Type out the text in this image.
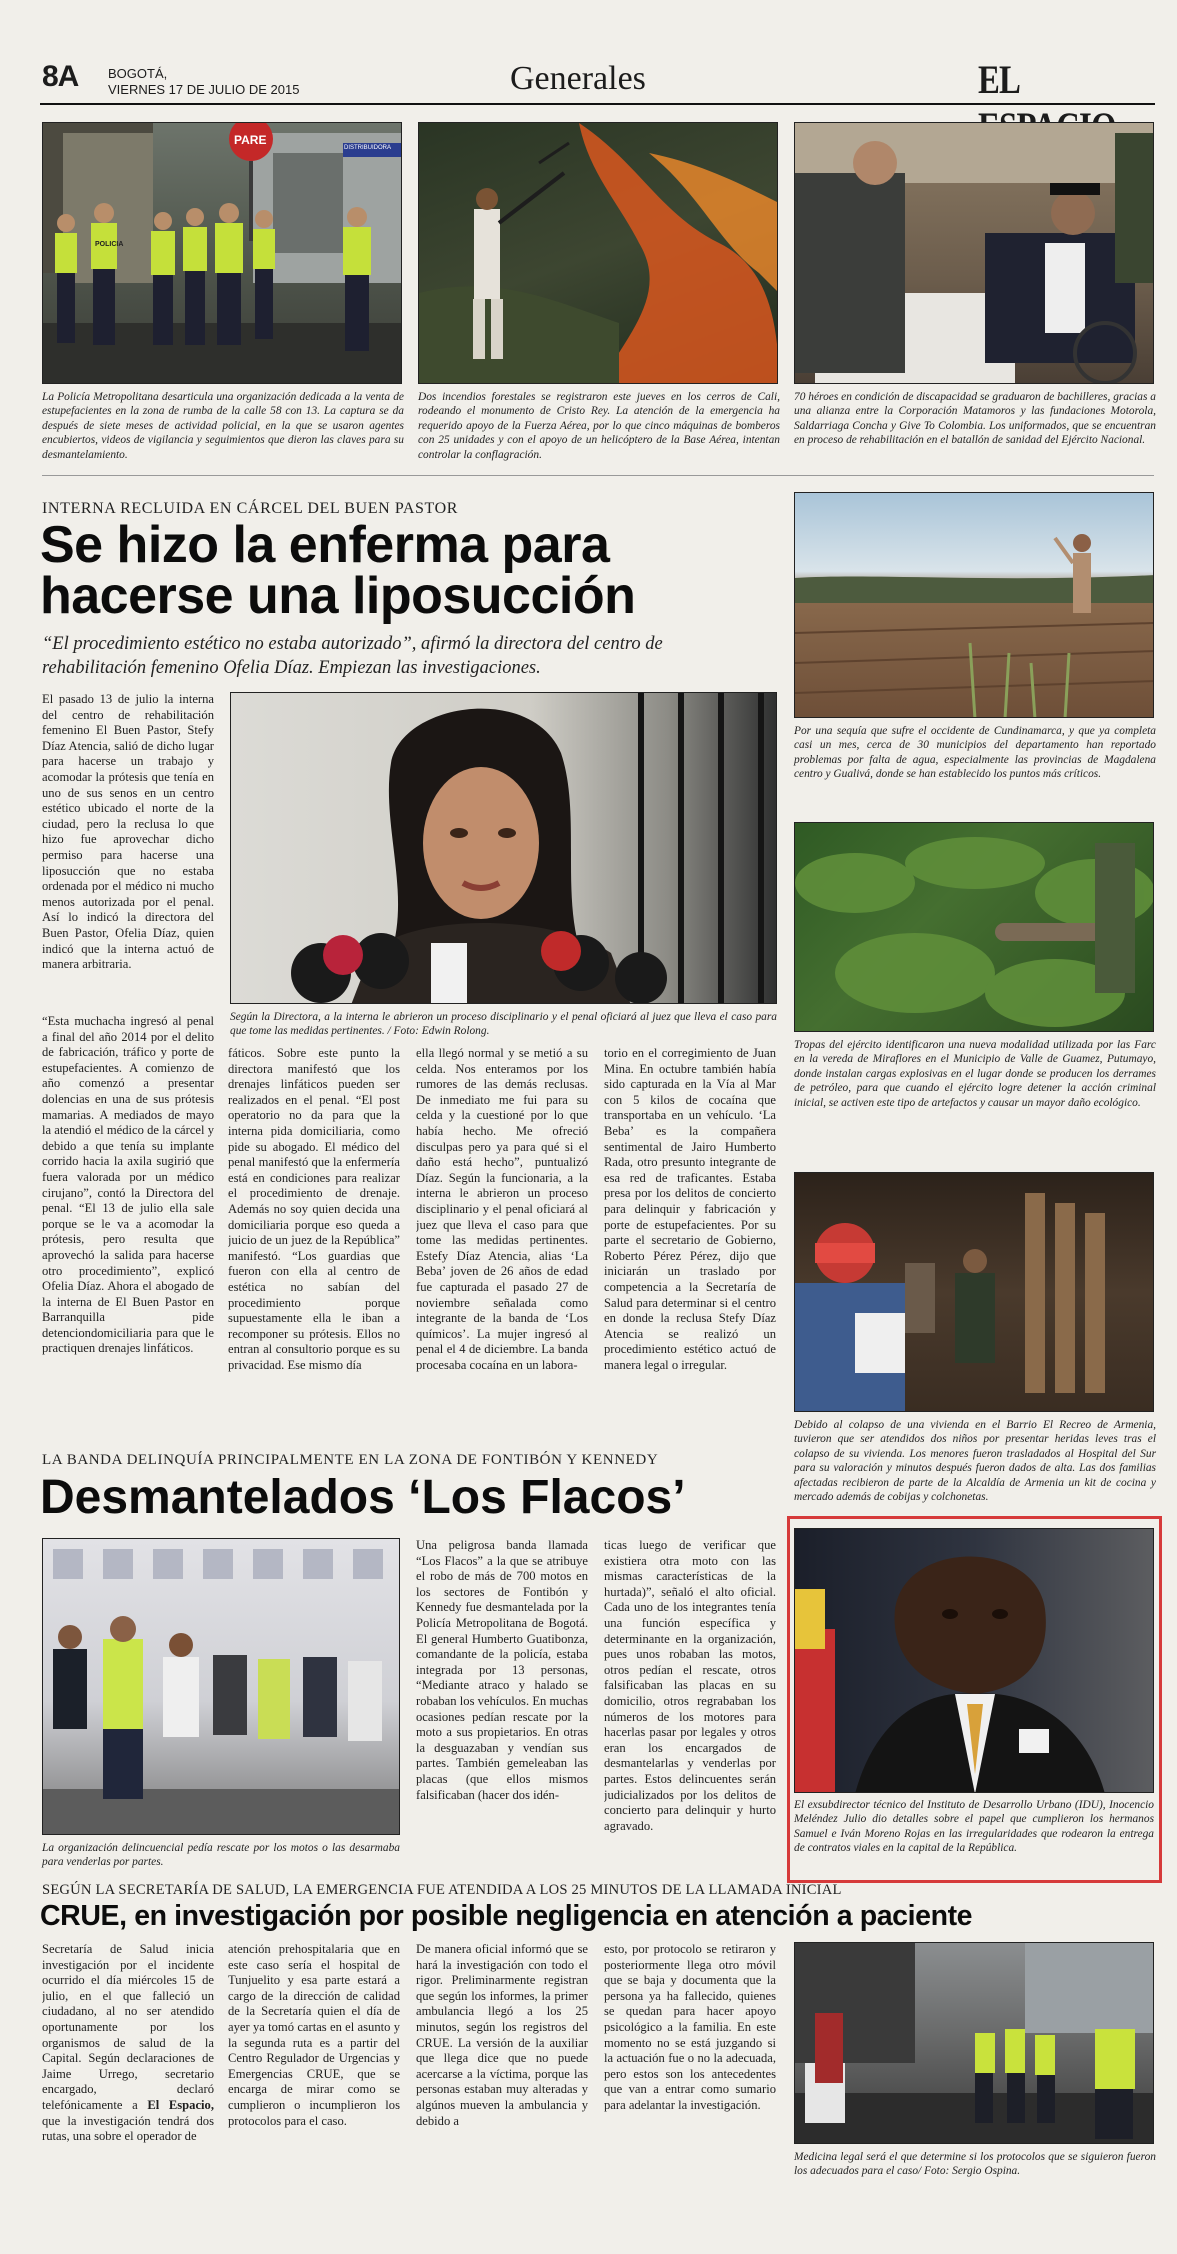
8A BOGOTÁ,
VIERNES 17 DE JULIO DE 2015	Generales	EL
PARE
DISTRIBUIDORA
POLICIA
La Policía Metropolitana desarticula una organización dedicada a la venta de estupefacientes en la zona de rumba de la calle 58 con 13. La captura se da después de siete meses de actividad policial, en la que se usaron agentes encubiertos, videos de vigilancia y seguimientos que dieron las claves para su desmantelamiento.
Dos incendios forestales se registraron este jueves en los cerros de Cali, rodeando el monumento de Cristo Rey. La atención de la emergencia ha requerido apoyo de la Fuerza Aérea, por lo que cinco máquinas de bomberos con 25 unidades y con el apoyo de un helicóptero de la Base Aérea, intentan controlar la conflagración.
70 héroes en condición de discapacidad se graduaron de bachilleres, gracias a una alianza entre la Corporación Matamoros y las fundaciones Motorola, Saldarriaga Concha y Give To Colombia. Los uniformados, que se encuentran en proceso de rehabilitación en el batallón de sanidad del Ejército Nacional.
INTERNA RECLUIDA EN CÁRCEL DEL BUEN PASTOR
Se hizo la enferma para
hacerse una liposucción
“El procedimiento estético no estaba autorizado”, afirmó la directora del centro de
rehabilitación femenino Ofelia Díaz. Empiezan las investigaciones.
El pasado 13 de julio la interna del centro de rehabilitación femenino El Buen Pastor, Stefy Díaz Atencia, salió de dicho lugar para hacerse un trabajo y acomodar la prótesis que tenía en uno de sus senos en un centro estético ubicado el norte de la ciudad, pero la reclusa lo que hizo fue aprovechar dicho permiso para hacerse una liposucción que no estaba ordenada por el médico ni mucho menos autorizada por el penal. Así lo indicó la directora del Buen Pastor, Ofelia Díaz, quien indicó que la interna actuó de manera arbitraria.
Según la Directora, a la interna le abrieron un proceso disciplinario y el penal oficiará al juez que lleva el caso para que tome las medidas pertinentes. / Foto: Edwin Rolong.
“Esta muchacha ingresó al penal a final del año 2014 por el delito de fabricación, tráfico y porte de estupefacientes. A comienzo de año comenzó a presentar dolencias en una de sus prótesis mamarias. A mediados de mayo la atendió el médico de la cárcel y debido a que tenía su implante corrido hacia la axila sugirió que fuera valorada por un médico cirujano”, contó la Directora del penal. “El 13 de julio ella sale porque se le va a acomodar la prótesis, pero resulta que aprovechó la salida para hacerse otro procedimiento”, explicó Ofelia Díaz. Ahora el abogado de la interna de El Buen Pastor en Barranquilla pide detenciondomiciliaria para que le practiquen drenajes linfáticos.
fáticos. Sobre este punto la directora manifestó que los drenajes linfáticos pueden ser realizados en el penal. “El post operatorio no da para que la interna pida domiciliaria, como pide su abogado. El médico del penal manifestó que la enfermería está en condiciones para realizar el procedimiento de drenaje. Además no soy quien decida una domiciliaria porque eso queda a juicio de un juez de la República” manifestó. “Los guardias que fueron con ella al centro de estética no sabían del procedimiento porque supuestamente ella le iban a recomponer su prótesis. Ellos no entran al consultorio porque es su privacidad. Ese mismo día
ella llegó normal y se metió a su celda. Nos enteramos por los rumores de las demás reclusas. De inmediato me fui para su celda y la cuestioné por lo que había hecho. Me ofreció disculpas pero ya para qué si el daño está hecho”, puntualizó Díaz. Según la funcionaria, a la interna le abrieron un proceso disciplinario y el penal oficiará al juez que lleva el caso para que tome las medidas pertinentes. Estefy Díaz Atencia, alias ‘La Beba’ joven de 26 años de edad fue capturada el pasado 27 de noviembre señalada como integrante de la banda de ‘Los químicos’. La mujer ingresó al penal el 4 de diciembre. La banda procesaba cocaína en un labora-
torio en el corregimiento de Juan Mina. En octubre también había sido capturada en la Vía al Mar con 5 kilos de cocaína que transportaba en un vehículo. ‘La Beba’ es la compañera sentimental de Jairo Humberto Rada, otro presunto integrante de esa red de traficantes. Estaba presa por los delitos de concierto para delinquir y fabricación y porte de estupefacientes. Por su parte el secretario de Gobierno, Roberto Pérez Pérez, dijo que iniciarán un traslado por competencia a la Secretaría de Salud para determinar si el centro en donde la reclusa Stefy Díaz Atencia se realizó un procedimiento estético actuó de manera legal o irregular.
LA BANDA DELINQUÍA PRINCIPALMENTE EN LA ZONA DE FONTIBÓN Y KENNEDY
Desmantelados ‘Los Flacos’
La organización delincuencial pedía rescate por los motos o las desarmaba para venderlas por partes.
Una peligrosa banda llamada “Los Flacos” a la que se atribuye el robo de más de 700 motos en los sectores de Fontibón y Kennedy fue desmantelada por la Policía Metropolitana de Bogotá. El general Humberto Guatibonza, comandante de la policía, estaba integrada por 13 personas, “Mediante atraco y halado se robaban los vehículos. En muchas ocasiones pedían rescate por la moto a sus propietarios. En otras la desguazaban y vendían sus partes. También gemeleaban las placas (que ellos mismos falsificaban (hacer dos idén-
ticas luego de verificar que existiera otra moto con las mismas características de la hurtada)”, señaló el alto oficial. Cada uno de los integrantes tenía una función específica y determinante en la organización, pues unos robaban las motos, otros pedían el rescate, otros falsificaban las placas en su domicilio, otros regrababan los números de los motores para hacerlas pasar por legales y otros eran los encargados de desmantelarlas y venderlas por partes. Estos delincuentes serán judicializados por los delitos de concierto para delinquir y hurto agravado.
Por una sequía que sufre el occidente de Cundinamarca, y que ya completa casi un mes, cerca de 30 municipios del departamento han reportado problemas por falta de agua, especialmente las provincias de Magdalena centro y Gualivá, donde se han establecido los puntos más críticos.
Tropas del ejército identificaron una nueva modalidad utilizada por las Farc en la vereda de Miraflores en el Municipio de Valle de Guamez, Putumayo, donde instalan cargas explosivas en el lugar donde se producen los derrames de petróleo, para que cuando el ejército logre detener la acción criminal inicial, se activen este tipo de artefactos y causar un mayor daño ecológico.
Debido al colapso de una vivienda en el Barrio El Recreo de Armenia, tuvieron que ser atendidos dos niños por presentar heridas leves tras el colapso de su vivienda. Los menores fueron trasladados al Hospital del Sur para su valoración y minutos después fueron dados de alta. Las dos familias afectadas recibieron de parte de la Alcaldía de Armenia un kit de cocina y mercado además de cobijas y colchonetas.
El exsubdirector técnico del Instituto de Desarrollo Urbano (IDU), Inocencio Meléndez Julio dio detalles sobre el papel que cumplieron los hermanos Samuel e Iván Moreno Rojas en las irregularidades que rodearon la entrega de contratos viales en la capital de la República.
SEGÚN LA SECRETARÍA DE SALUD, LA EMERGENCIA FUE ATENDIDA A LOS 25 MINUTOS DE LA LLAMADA INICIAL
CRUE, en investigación por posible negligencia en atención a paciente
Secretaría de Salud inicia investigación por el incidente ocurrido el día miércoles 15 de julio, en el que falleció un ciudadano, al no ser atendido oportunamente por los organismos de salud de la Capital. Según declaraciones de Jaime Urrego, secretario encargado, declaró telefónicamente a El Espacio, que la investigación tendrá dos rutas, una sobre el operador de
atención prehospitalaria que en este caso sería el hospital de Tunjuelito y esa parte estará a cargo de la dirección de calidad de la Secretaría quien el día de ayer ya tomó cartas en el asunto y la segunda ruta es a partir del Centro Regulador de Urgencias y Emergencias CRUE, que se encarga de mirar como se cumplieron o incumplieron los protocolos para el caso.
De manera oficial informó que se hará la investigación con todo el rigor. Preliminarmente registran que según los informes, la primer ambulancia llegó a los 25 minutos, según los registros del CRUE. La versión de la auxiliar que llega dice que no puede acercarse a la víctima, porque las personas estaban muy alteradas y algúnos mueven la ambulancia y debido a
esto, por protocolo se retiraron y posteriormente llega otro móvil que se baja y documenta que la persona ya ha fallecido, quienes se quedan para hacer apoyo psicológico a la familia. En este momento no se está juzgando si la actuación fue o no la adecuada, pero estos son los antecedentes que van a entrar como sumario para adelantar la investigación.
Medicina legal será el que determine si los protocolos que se siguieron fueron los adecuados para el caso/ Foto: Sergio Ospina.
